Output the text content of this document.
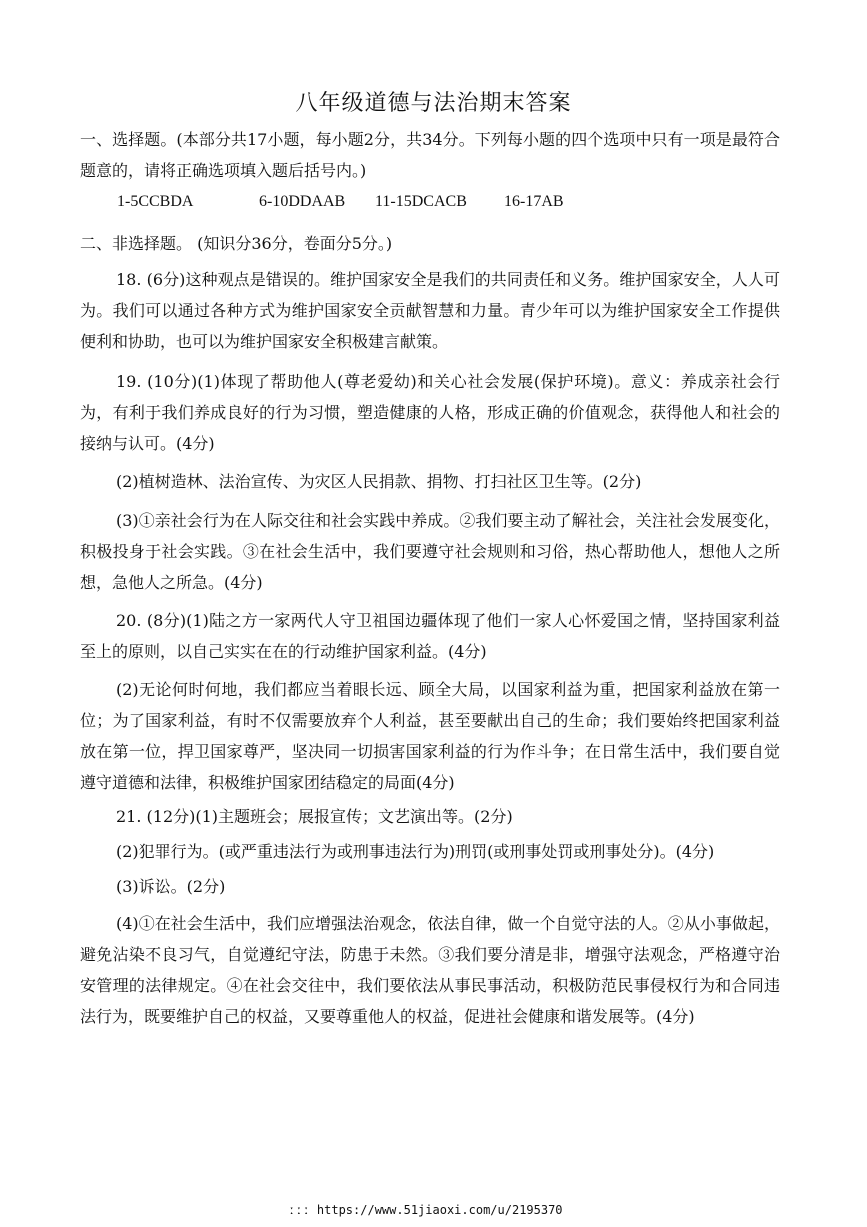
八年级道德与法治期末答案

一、选择题。(本部分共17小题，每小题2分，共34分。下列每小题的四个选项中只有一项是最符合题意的，请将正确选项填入题后括号内。)

1-5CCBDA	6-10DDAAB 11-15DCACB 16-17AB

二、非选择题。 (知识分36分，卷面分5分。)

18. (6分)这种观点是错误的。维护国家安全是我们的共同责任和义务。维护国家安全，人人可为。我们可以通过各种方式为维护国家安全贡献智慧和力量。青少年可以为维护国家安全工作提供便利和协助，也可以为维护国家安全积极建言献策。

19. (10分)(1)体现了帮助他人(尊老爱幼)和关心社会发展(保护环境)。意义：养成亲社会行为，有利于我们养成良好的行为习惯，塑造健康的人格，形成正确的价值观念，获得他人和社会的接纳与认可。(4分)

(2)植树造林、法治宣传、为灾区人民捐款、捐物、打扫社区卫生等。(2分)

(3)①亲社会行为在人际交往和社会实践中养成。②我们要主动了解社会，关注社会发展变化，积极投身于社会实践。③在社会生活中，我们要遵守社会规则和习俗，热心帮助他人，想他人之所想，急他人之所急。(4分)

20. (8分)(1)陆之方一家两代人守卫祖国边疆体现了他们一家人心怀爱国之情，坚持国家利益至上的原则，以自己实实在在的行动维护国家利益。(4分)

(2)无论何时何地，我们都应当着眼长远、顾全大局，以国家利益为重，把国家利益放在第一位；为了国家利益，有时不仅需要放弃个人利益，甚至要献出自己的生命；我们要始终把国家利益放在第一位，捍卫国家尊严，坚决同一切损害国家利益的行为作斗争；在日常生活中，我们要自觉遵守道德和法律，积极维护国家团结稳定的局面(4分)

21. (12分)(1)主题班会；展报宣传；文艺演出等。(2分)

(2)犯罪行为。(或严重违法行为或刑事违法行为)刑罚(或刑事处罚或刑事处分)。(4分)

(3)诉讼。(2分)

(4)①在社会生活中，我们应增强法治观念，依法自律，做一个自觉守法的人。②从小事做起，避免沾染不良习气，自觉遵纪守法，防患于未然。③我们要分清是非，增强守法观念，严格遵守治安管理的法律规定。④在社会交往中，我们要依法从事民事活动，积极防范民事侵权行为和合同违法行为，既要维护自己的权益，又要尊重他人的权益，促进社会健康和谐发展等。(4分)

ːːː https://www.51jiaoxi.com/u/2195370
